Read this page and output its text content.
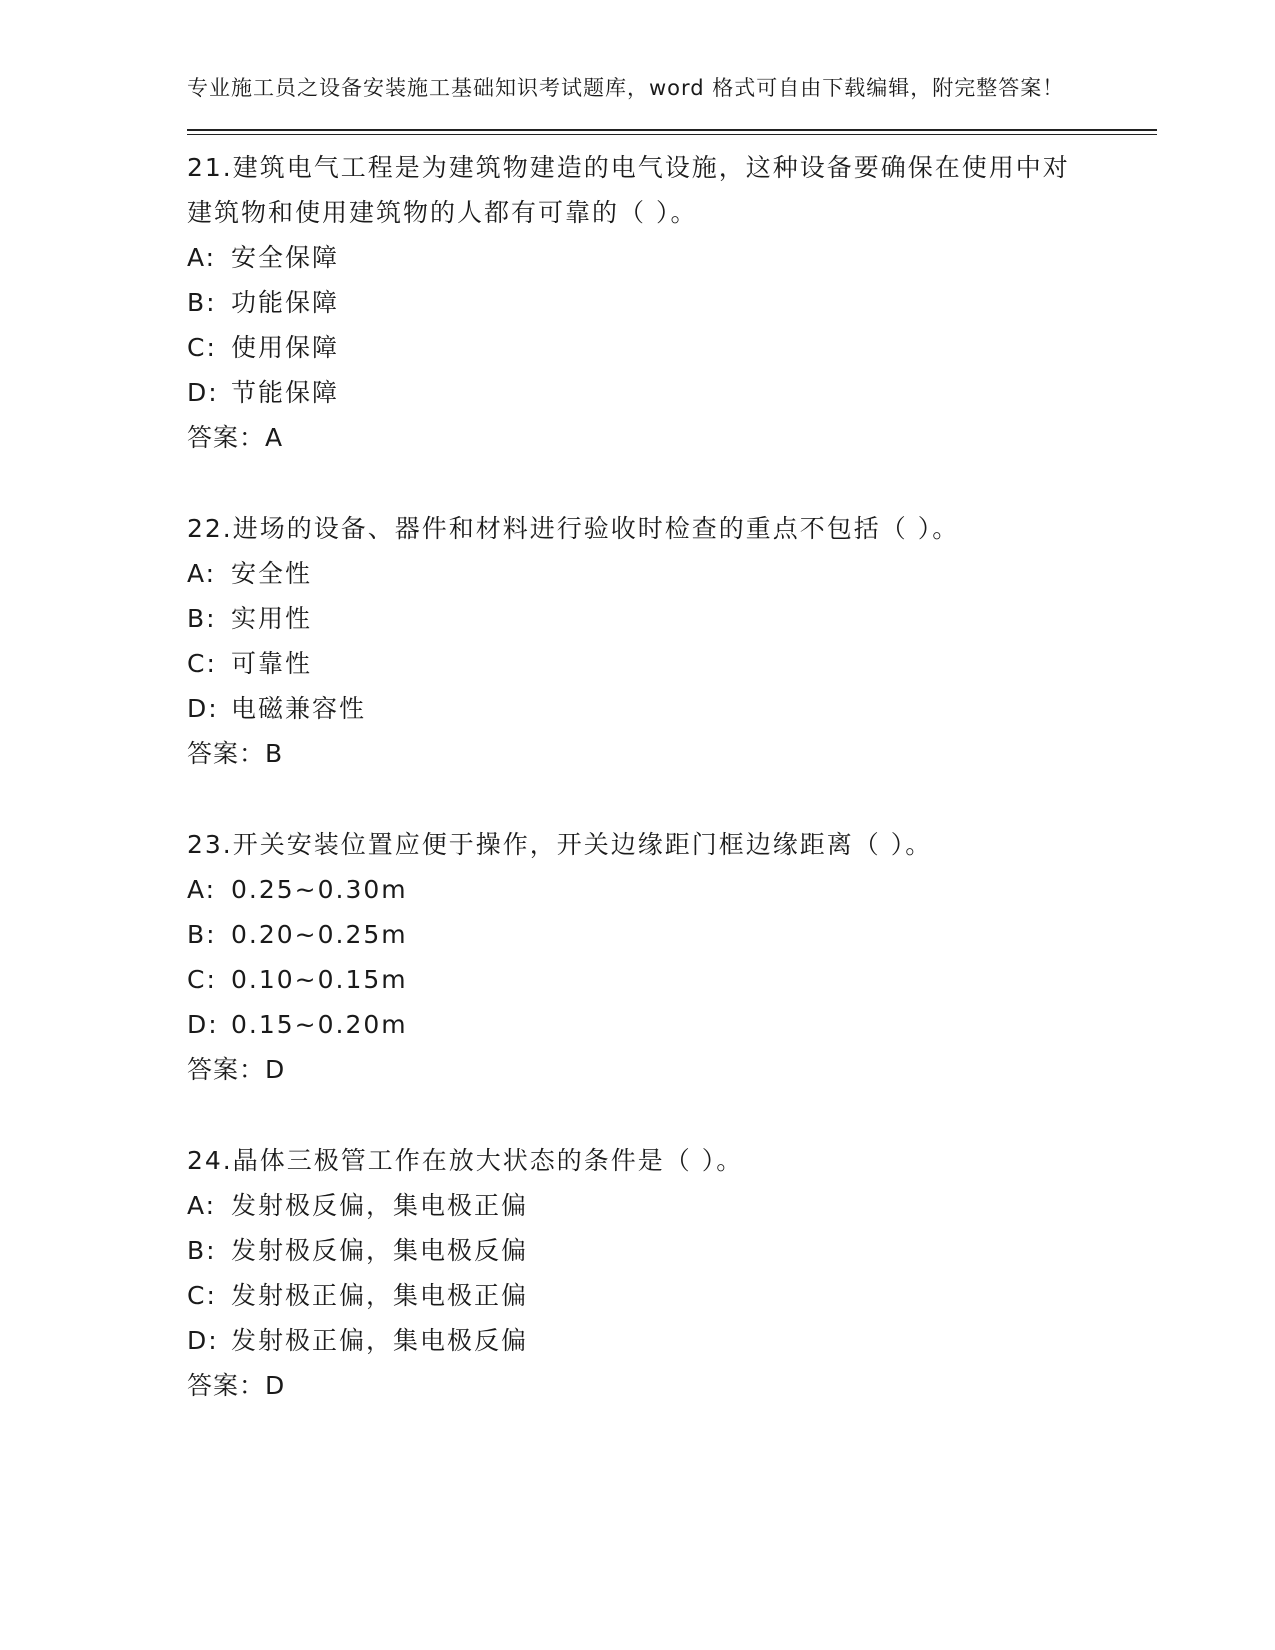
专业施工员之设备安装施工基础知识考试题库，word 格式可自由下载编辑，附完整答案！

21.建筑电气工程是为建筑物建造的电气设施，这种设备要确保在使用中对建筑物和使用建筑物的人都有可靠的（ ）。

A: 安全保障

B: 功能保障

C: 使用保障

D: 节能保障

答案：A

22.进场的设备、器件和材料进行验收时检查的重点不包括（ ）。

A: 安全性

B: 实用性

C: 可靠性

D: 电磁兼容性

答案：B

23.开关安装位置应便于操作，开关边缘距门框边缘距离（ ）。

A: 0.25~0.30m

B: 0.20~0.25m

C: 0.10~0.15m

D: 0.15~0.20m

答案：D

24.晶体三极管工作在放大状态的条件是（ ）。

A: 发射极反偏，集电极正偏

B: 发射极反偏，集电极反偏

C: 发射极正偏，集电极正偏

D: 发射极正偏，集电极反偏

答案：D
